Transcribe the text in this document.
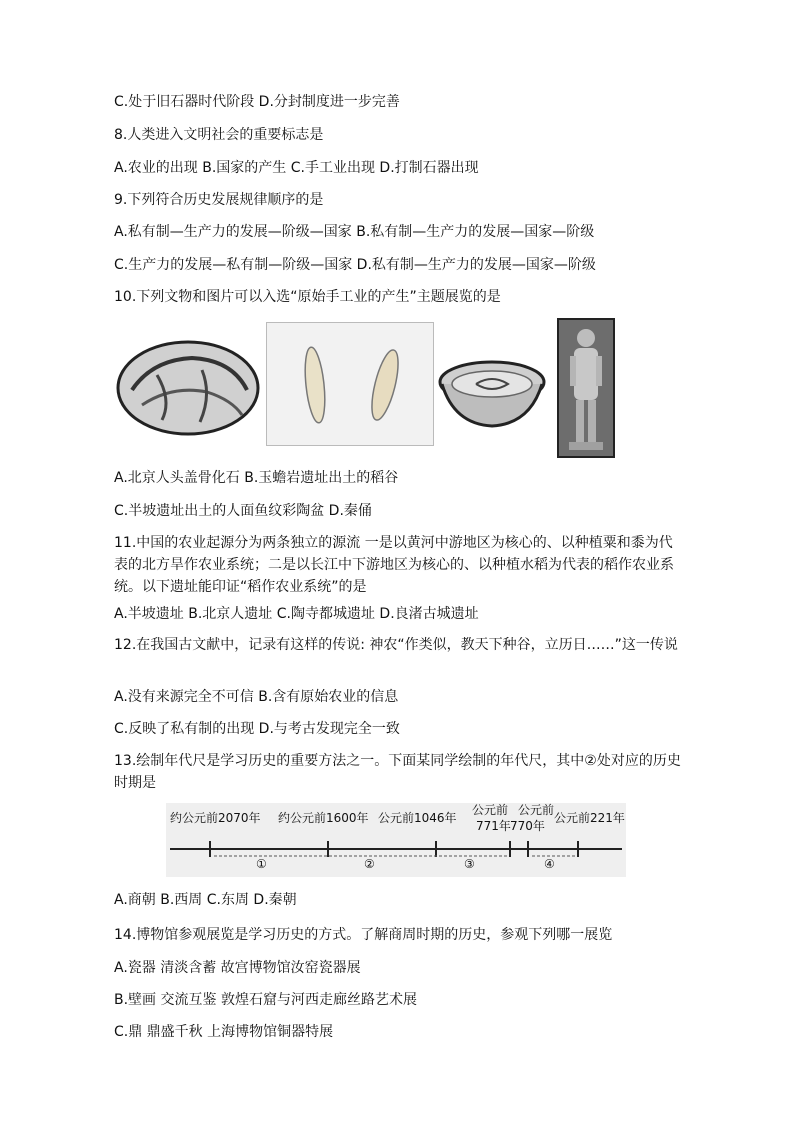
C.处于旧石器时代阶段 D.分封制度进一步完善
8.人类进入文明社会的重要标志是
A.农业的出现 B.国家的产生 C.手工业出现 D.打制石器出现
9.下列符合历史发展规律顺序的是
A.私有制—生产力的发展—阶级—国家 B.私有制—生产力的发展—国家—阶级
C.生产力的发展—私有制—阶级—国家 D.私有制—生产力的发展—国家—阶级
10.下列文物和图片可以入选“原始手工业的产生”主题展览的是
A.北京人头盖骨化石 B.玉蟾岩遗址出土的稻谷
C.半坡遗址出土的人面鱼纹彩陶盆 D.秦俑
11.中国的农业起源分为两条独立的源流 一是以黄河中游地区为核心的、以种植粟和黍为代表的北方旱作农业系统；二是以长江中下游地区为核心的、以种植水稻为代表的稻作农业系统。以下遗址能印证“稻作农业系统”的是
A.半坡遗址 B.北京人遗址 C.陶寺都城遗址 D.良渚古城遗址
12.在我国古文献中，记录有这样的传说: 神农“作类似，教天下种谷，立历日……”这一传说
A.没有来源完全不可信 B.含有原始农业的信息
C.反映了私有制的出现 D.与考古发现完全一致
13.绘制年代尺是学习历史的重要方法之一。下面某同学绘制的年代尺，其中②处对应的历史时期是
约公元前2070年 约公元前1600年 公元前1046年
公元前
771年
公元前
770年
公元前221年
①	②	③	④
A.商朝 B.西周 C.东周 D.秦朝
14.博物馆参观展览是学习历史的方式。了解商周时期的历史，参观下列哪一展览
A.瓷器 清淡含蓄 故宫博物馆汝窑瓷器展
B.壁画 交流互鉴 敦煌石窟与河西走廊丝路艺术展
C.鼎 鼎盛千秋 上海博物馆铜器特展
